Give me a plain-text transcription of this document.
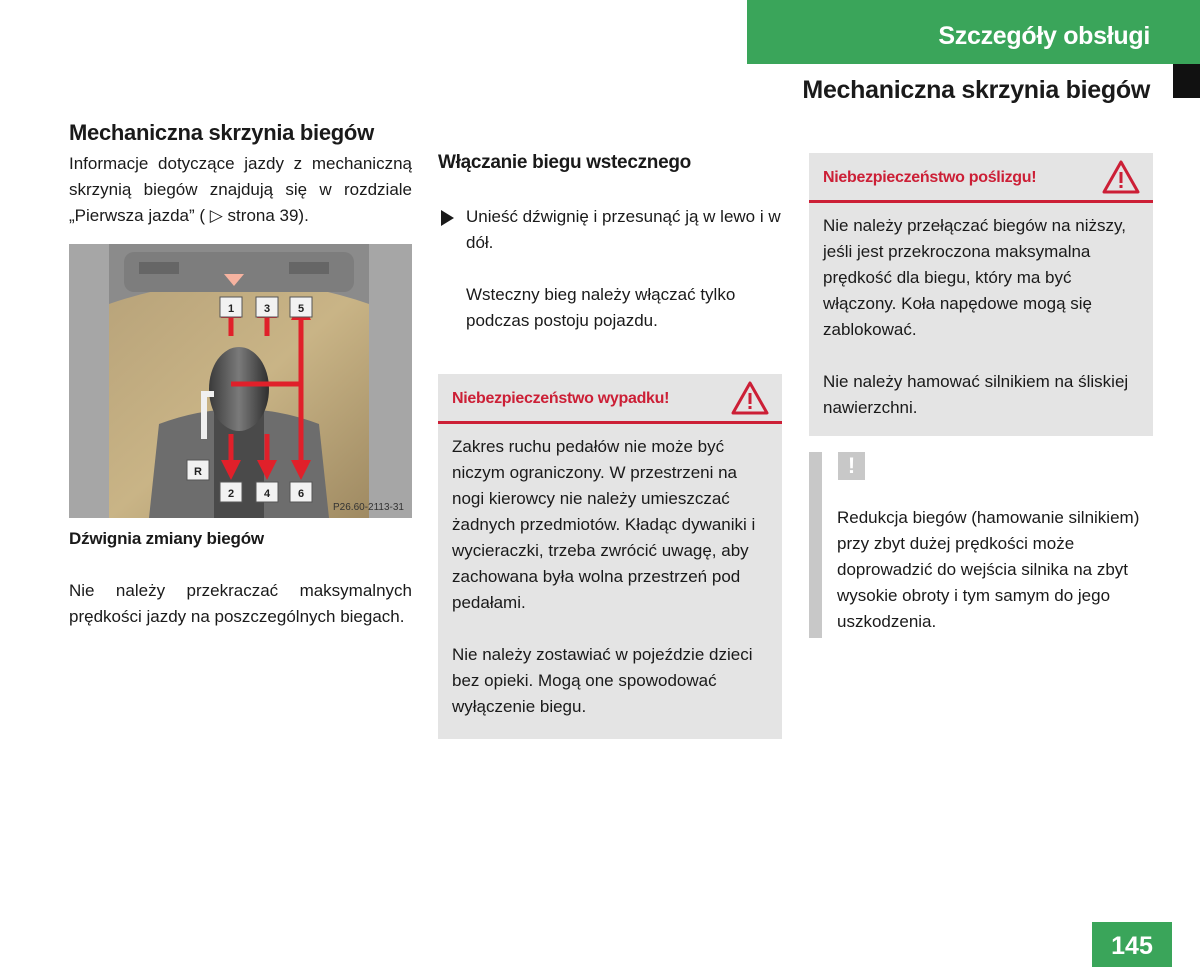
Szczegóły obsługi
Mechaniczna skrzynia biegów
Mechaniczna skrzynia biegów

Informacje dotyczące jazdy z mechaniczną skrzynią biegów znajdują się w rozdziale „Pierwsza jazda” ( ▷ strona 39).

1	3	5
R
2	4	6
P26.60-2113-31

Dźwignia zmiany biegów

Nie należy przekraczać maksymalnych prędkości jazdy na poszczególnych biegach.

Włączanie biegu wstecznego
Unieść dźwignię i przesunąć ją w lewo i w dół.
Wsteczny bieg należy włączać tylko podczas postoju pojazdu.
Niebezpieczeństwo wypadku!

Zakres ruchu pedałów nie może być niczym ograniczony. W przestrzeni na nogi kierowcy nie należy umieszczać żadnych przedmiotów. Kładąc dywaniki i wycieraczki, trzeba zwrócić uwagę, aby zachowana była wolna przestrzeń pod pedałami.

Nie należy zostawiać w pojeździe dzieci bez opieki. Mogą one spowodować wyłączenie biegu.

Niebezpieczeństwo poślizgu!

Nie należy przełączać biegów na niższy, jeśli jest przekroczona maksymalna prędkość dla biegu, który ma być włączony. Koła napędowe mogą się zablokować.

Nie należy hamować silnikiem na śliskiej nawierzchni.

!

Redukcja biegów (hamowanie silnikiem) przy zbyt dużej prędkości może doprowadzić do wejścia silnika na zbyt wysokie obroty i tym samym do jego uszkodzenia.

145
